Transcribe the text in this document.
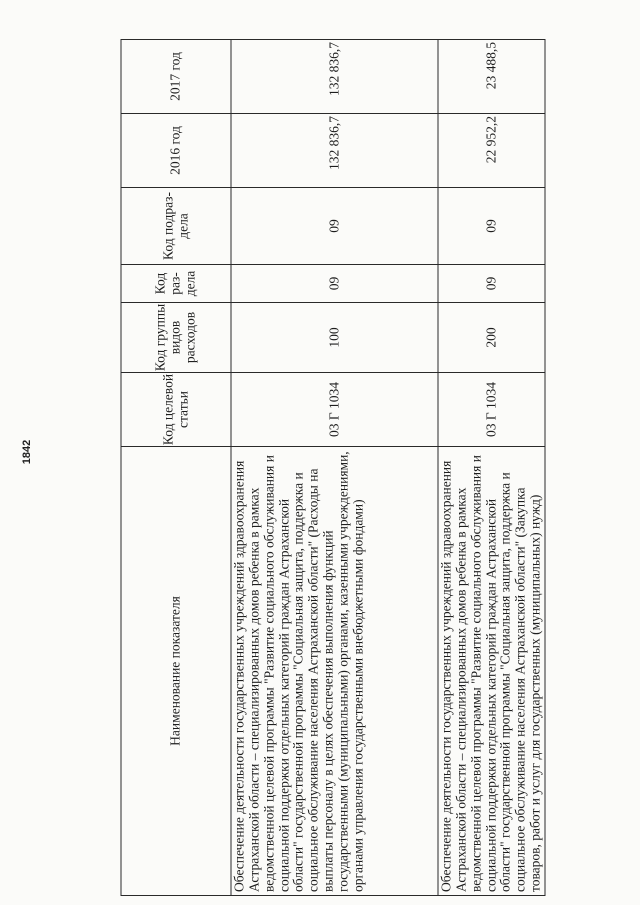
1842
Наименование показателя	Код целевой статьи	Код группы видов расходов	Код раз-дела	Код подраз-дела	2016 год	2017 год
Обеспечение деятельности государственных учреждений здравоохранения Астраханской области – специализированных домов ребенка в рамках ведомственной целевой программы "Развитие социального обслуживания и социальной поддержки отдельных категорий граждан Астраханской области" государственной программы "Социальная защита, поддержка и социальное обслуживание населения Астраханской области" (Расходы на выплаты персоналу в целях обеспечения выполнения функций государственными (муниципальными) органами, казенными учреждениями, органами управления государственными внебюджетными фондами)	03 Г 1034	100	09	09	132 836,7	132 836,7
Обеспечение деятельности государственных учреждений здравоохранения Астраханской области – специализированных домов ребенка в рамках ведомственной целевой программы "Развитие социального обслуживания и социальной поддержки отдельных категорий граждан Астраханской области" государственной программы "Социальная защита, поддержка и социальное обслуживание населения Астраханской области" (Закупка товаров, работ и услуг для государственных (муниципальных) нужд)	03 Г 1034	200	09	09	22 952,2	23 488,5
